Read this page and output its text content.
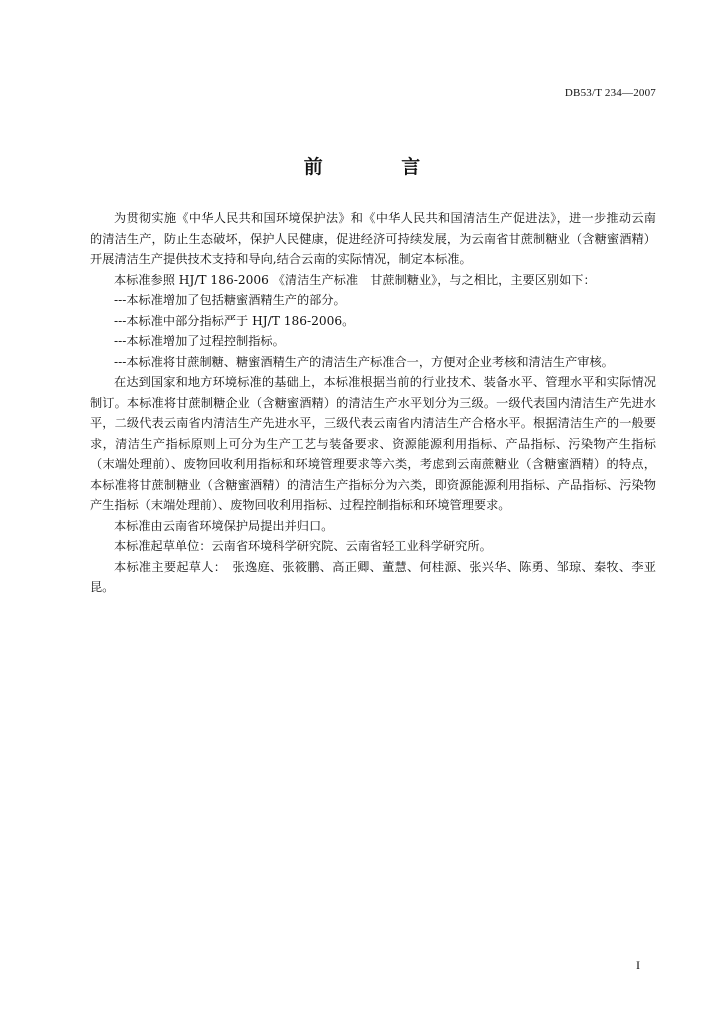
DB53/T 234—2007
前 言

为贯彻实施《中华人民共和国环境保护法》和《中华人民共和国清洁生产促进法》，进一步推动云南的清洁生产，防止生态破坏，保护人民健康，促进经济可持续发展，为云南省甘蔗制糖业（含糖蜜酒精）开展清洁生产提供技术支持和导向,结合云南的实际情况，制定本标准。

本标准参照 HJ/T 186-2006 《清洁生产标准　甘蔗制糖业》，与之相比，主要区别如下：

---本标准增加了包括糖蜜酒精生产的部分。

---本标准中部分指标严于 HJ/T 186-2006。

---本标准增加了过程控制指标。

---本标准将甘蔗制糖、糖蜜酒精生产的清洁生产标准合一，方便对企业考核和清洁生产审核。

在达到国家和地方环境标准的基础上，本标准根据当前的行业技术、装备水平、管理水平和实际情况制订。本标准将甘蔗制糖企业（含糖蜜酒精）的清洁生产水平划分为三级。一级代表国内清洁生产先进水平，二级代表云南省内清洁生产先进水平，三级代表云南省内清洁生产合格水平。根据清洁生产的一般要求，清洁生产指标原则上可分为生产工艺与装备要求、资源能源利用指标、产品指标、污染物产生指标（末端处理前）、废物回收利用指标和环境管理要求等六类，考虑到云南蔗糖业（含糖蜜酒精）的特点，本标准将甘蔗制糖业（含糖蜜酒精）的清洁生产指标分为六类，即资源能源利用指标、产品指标、污染物产生指标（末端处理前）、废物回收利用指标、过程控制指标和环境管理要求。

本标准由云南省环境保护局提出并归口。

本标准起草单位：云南省环境科学研究院、云南省轻工业科学研究所。

本标准主要起草人：　张逸庭、张筱鹏、高正卿、董慧、何桂源、张兴华、陈勇、邹琼、秦牧、李亚昆。

I
